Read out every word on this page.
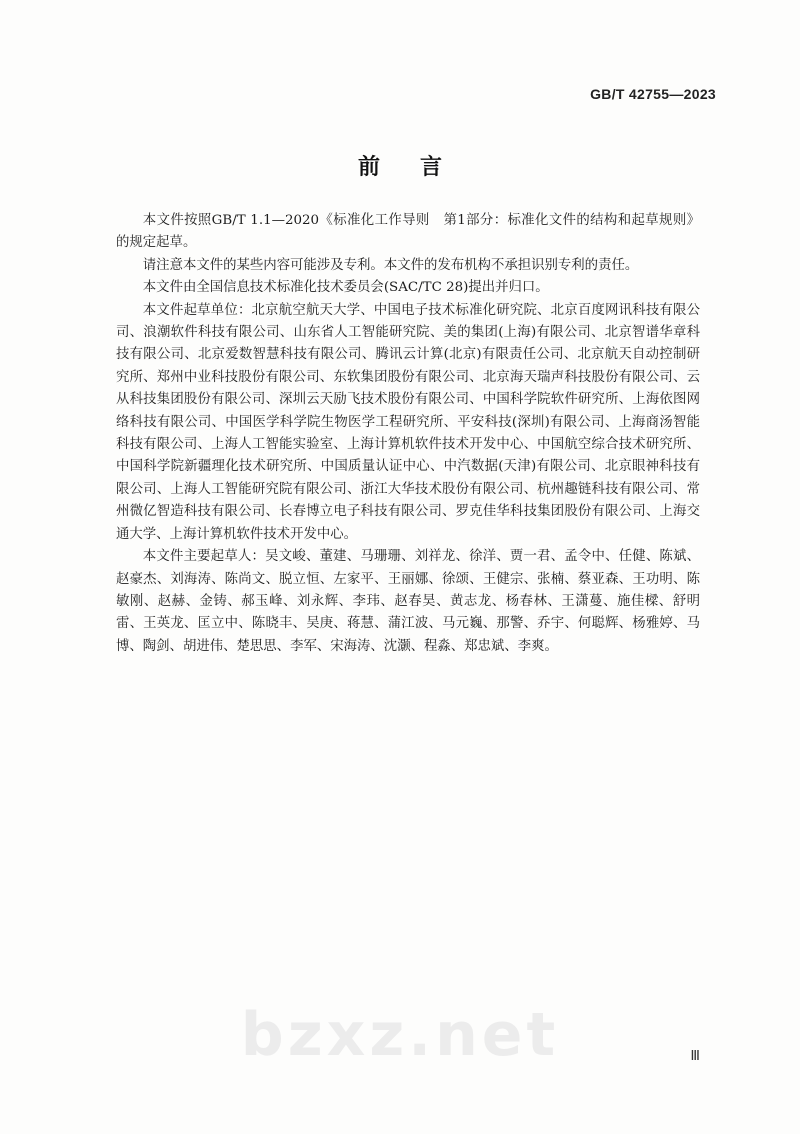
GB/T 42755—2023
前言

本文件按照GB/T 1.1—2020《标准化工作导则　第1部分：标准化文件的结构和起草规则》的规定起草。

请注意本文件的某些内容可能涉及专利。本文件的发布机构不承担识别专利的责任。

本文件由全国信息技术标准化技术委员会(SAC/TC 28)提出并归口。

本文件起草单位：北京航空航天大学、中国电子技术标准化研究院、北京百度网讯科技有限公司、浪潮软件科技有限公司、山东省人工智能研究院、美的集团(上海)有限公司、北京智谱华章科技有限公司、北京爱数智慧科技有限公司、腾讯云计算(北京)有限责任公司、北京航天自动控制研究所、郑州中业科技股份有限公司、东软集团股份有限公司、北京海天瑞声科技股份有限公司、云从科技集团股份有限公司、深圳云天励飞技术股份有限公司、中国科学院软件研究所、上海依图网络科技有限公司、中国医学科学院生物医学工程研究所、平安科技(深圳)有限公司、上海商汤智能科技有限公司、上海人工智能实验室、上海计算机软件技术开发中心、中国航空综合技术研究所、中国科学院新疆理化技术研究所、中国质量认证中心、中汽数据(天津)有限公司、北京眼神科技有限公司、上海人工智能研究院有限公司、浙江大华技术股份有限公司、杭州趣链科技有限公司、常州微亿智造科技有限公司、长春博立电子科技有限公司、罗克佳华科技集团股份有限公司、上海交通大学、上海计算机软件技术开发中心。

本文件主要起草人：吴文峻、董建、马珊珊、刘祥龙、徐洋、贾一君、孟令中、任健、陈斌、赵豪杰、刘海涛、陈尚文、脱立恒、左家平、王丽娜、徐颂、王健宗、张楠、蔡亚森、王功明、陈敏刚、赵赫、金铸、郝玉峰、刘永辉、李玮、赵春昊、黄志龙、杨春林、王潇蔓、施佳樑、舒明雷、王英龙、匡立中、陈晓丰、吴庚、蒋慧、蒲江波、马元巍、那警、乔宇、何聪辉、杨雅婷、马博、陶剑、胡进伟、楚思思、李军、宋海涛、沈灏、程淼、郑忠斌、李爽。

bzxz.net	Ⅲ
